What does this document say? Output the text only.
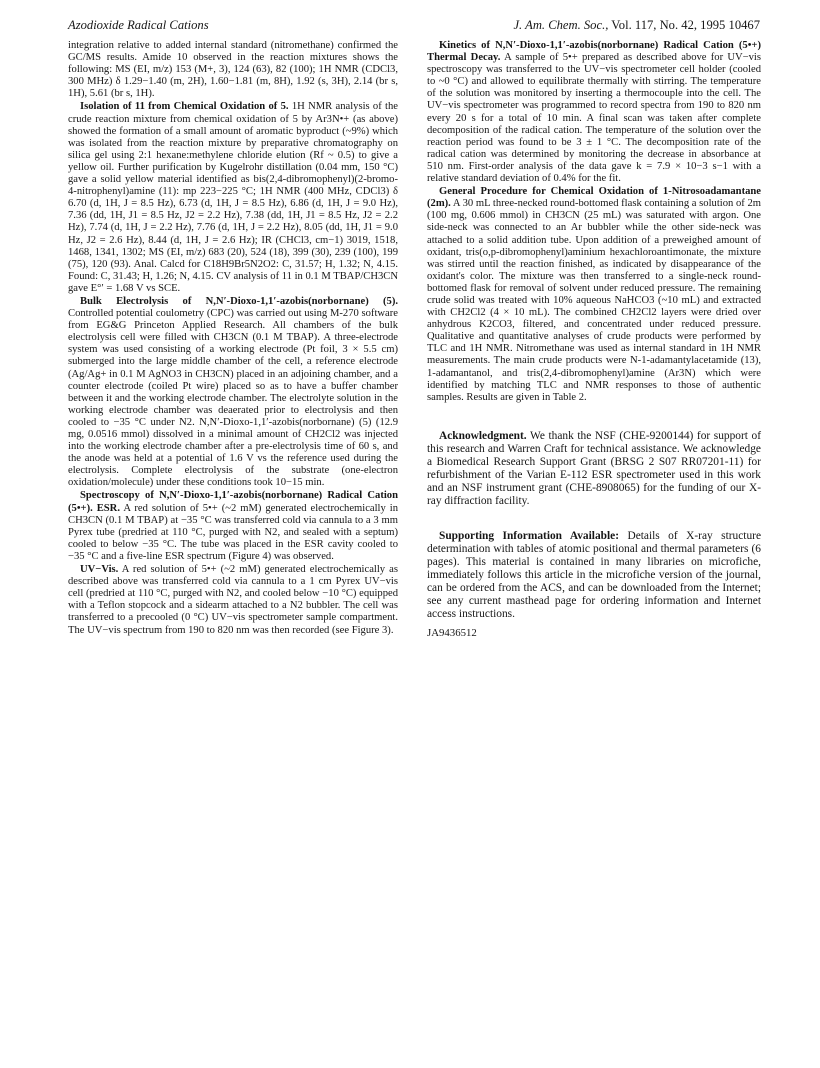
Azodioxide Radical Cations	J. Am. Chem. Soc., Vol. 117, No. 42, 1995 10467

integration relative to added internal standard (nitromethane) confirmed the GC/MS results. Amide 10 observed in the reaction mixtures shows the following: MS (EI, m/z) 153 (M+, 3), 124 (63), 82 (100); 1H NMR (CDCl3, 300 MHz) δ 1.29−1.40 (m, 2H), 1.60−1.81 (m, 8H), 1.92 (s, 3H), 2.14 (br s, 1H), 5.61 (br s, 1H).

Isolation of 11 from Chemical Oxidation of 5. 1H NMR analysis of the crude reaction mixture from chemical oxidation of 5 by Ar3N•+ (as above) showed the formation of a small amount of aromatic byproduct (~9%) which was isolated from the reaction mixture by preparative chromatography on silica gel using 2:1 hexane:methylene chloride elution (Rf ~ 0.5) to give a yellow oil. Further purification by Kugelrohr distillation (0.04 mm, 150 °C) gave a solid yellow material identified as bis(2,4-dibromophenyl)(2-bromo-4-nitrophenyl)amine (11): mp 223−225 °C; 1H NMR (400 MHz, CDCl3) δ 6.70 (d, 1H, J = 8.5 Hz), 6.73 (d, 1H, J = 8.5 Hz), 6.86 (d, 1H, J = 9.0 Hz), 7.36 (dd, 1H, J1 = 8.5 Hz, J2 = 2.2 Hz), 7.38 (dd, 1H, J1 = 8.5 Hz, J2 = 2.2 Hz), 7.74 (d, 1H, J = 2.2 Hz), 7.76 (d, 1H, J = 2.2 Hz), 8.05 (dd, 1H, J1 = 9.0 Hz, J2 = 2.6 Hz), 8.44 (d, 1H, J = 2.6 Hz); IR (CHCl3, cm−1) 3019, 1518, 1468, 1341, 1302; MS (EI, m/z) 683 (20), 524 (18), 399 (30), 239 (100), 199 (75), 120 (93). Anal. Calcd for C18H9Br5N2O2: C, 31.57; H, 1.32; N, 4.15. Found: C, 31.43; H, 1.26; N, 4.15. CV analysis of 11 in 0.1 M TBAP/CH3CN gave E°′ = 1.68 V vs SCE.

Bulk Electrolysis of N,N′-Dioxo-1,1′-azobis(norbornane) (5). Controlled potential coulometry (CPC) was carried out using M-270 software from EG&G Princeton Applied Research. All chambers of the bulk electrolysis cell were filled with CH3CN (0.1 M TBAP). A three-electrode system was used consisting of a working electrode (Pt foil, 3 × 5.5 cm) submerged into the large middle chamber of the cell, a reference electrode (Ag/Ag+ in 0.1 M AgNO3 in CH3CN) placed in an adjoining chamber, and a counter electrode (coiled Pt wire) placed so as to have a buffer chamber between it and the working electrode chamber. The electrolyte solution in the working electrode chamber was deaerated prior to electrolysis and then cooled to −35 °C under N2. N,N′-Dioxo-1,1′-azobis(norbornane) (5) (12.9 mg, 0.0516 mmol) dissolved in a minimal amount of CH2Cl2 was injected into the working electrode chamber after a pre-electrolysis time of 60 s, and the anode was held at a potential of 1.6 V vs the reference used during the electrolysis. Complete electrolysis of the substrate (one-electron oxidation/molecule) under these conditions took 10−15 min.

Spectroscopy of N,N′-Dioxo-1,1′-azobis(norbornane) Radical Cation (5•+). ESR. A red solution of 5•+ (~2 mM) generated electrochemically in CH3CN (0.1 M TBAP) at −35 °C was transferred cold via cannula to a 3 mm Pyrex tube (predried at 110 °C, purged with N2, and sealed with a septum) cooled to below −35 °C. The tube was placed in the ESR cavity cooled to −35 °C and a five-line ESR spectrum (Figure 4) was observed.

UV−Vis. A red solution of 5•+ (~2 mM) generated electrochemically as described above was transferred cold via cannula to a 1 cm Pyrex UV−vis cell (predried at 110 °C, purged with N2, and cooled below −10 °C) equipped with a Teflon stopcock and a sidearm attached to a N2 bubbler. The cell was transferred to a precooled (0 °C) UV−vis spectrometer sample compartment. The UV−vis spectrum from 190 to 820 nm was then recorded (see Figure 3).

Kinetics of N,N′-Dioxo-1,1′-azobis(norbornane) Radical Cation (5•+) Thermal Decay. A sample of 5•+ prepared as described above for UV−vis spectroscopy was transferred to the UV−vis spectrometer cell holder (cooled to ~0 °C) and allowed to equilibrate thermally with stirring. The temperature of the solution was monitored by inserting a thermocouple into the cell. The UV−vis spectrometer was programmed to record spectra from 190 to 820 nm every 20 s for a total of 10 min. A final scan was taken after complete decomposition of the radical cation. The temperature of the solution over the reaction period was found to be 3 ± 1 °C. The decomposition rate of the radical cation was determined by monitoring the decrease in absorbance at 510 nm. First-order analysis of the data gave k = 7.9 × 10−3 s−1 with a relative standard deviation of 0.4% for the fit.

General Procedure for Chemical Oxidation of 1-Nitrosoadamantane (2m). A 30 mL three-necked round-bottomed flask containing a solution of 2m (100 mg, 0.606 mmol) in CH3CN (25 mL) was saturated with argon. One side-neck was connected to an Ar bubbler while the other side-neck was attached to a solid addition tube. Upon addition of a preweighed amount of oxidant, tris(o,p-dibromophenyl)aminium hexachloroantimonate, the mixture was stirred until the reaction finished, as indicated by disappearance of the oxidant's color. The mixture was then transferred to a single-neck round-bottomed flask for removal of solvent under reduced pressure. The remaining crude solid was treated with 10% aqueous NaHCO3 (~10 mL) and extracted with CH2Cl2 (4 × 10 mL). The combined CH2Cl2 layers were dried over anhydrous K2CO3, filtered, and concentrated under reduced pressure. Qualitative and quantitative analyses of crude products were performed by TLC and 1H NMR. Nitromethane was used as internal standard in 1H NMR measurements. The main crude products were N-1-adamantylacetamide (13), 1-adamantanol, and tris(2,4-dibromophenyl)amine (Ar3N) which were identified by matching TLC and NMR responses to those of authentic samples. Results are given in Table 2.

Acknowledgment. We thank the NSF (CHE-9200144) for support of this research and Warren Craft for technical assistance. We acknowledge a Biomedical Research Support Grant (BRSG 2 S07 RR07201-11) for refurbishment of the Varian E-112 ESR spectrometer used in this work and an NSF instrument grant (CHE-8908065) for the funding of our X-ray diffraction facility.

Supporting Information Available: Details of X-ray structure determination with tables of atomic positional and thermal parameters (6 pages). This material is contained in many libraries on microfiche, immediately follows this article in the microfiche version of the journal, can be ordered from the ACS, and can be downloaded from the Internet; see any current masthead page for ordering information and Internet access instructions.

JA9436512
